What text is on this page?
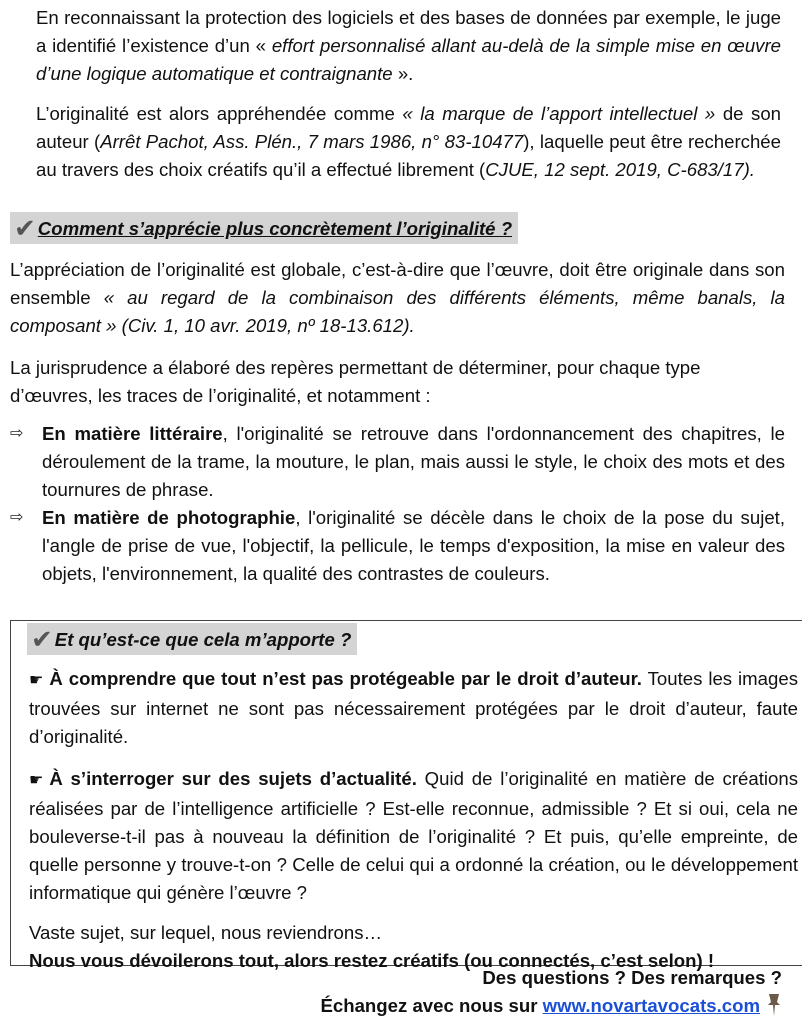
En reconnaissant la protection des logiciels et des bases de données par exemple, le juge a identifié l’existence d’un « effort personnalisé allant au-delà de la simple mise en œuvre d’une logique automatique et contraignante ».

L’originalité est alors appréhendée comme « la marque de l’apport intellectuel » de son auteur (Arrêt Pachot, Ass. Plén., 7 mars 1986, n° 83-10477), laquelle peut être recherchée au travers des choix créatifs qu’il a effectué librement (CJUE, 12 sept. 2019, C-683/17).

✔ Comment s’apprécie plus concrètement l’originalité ?

L’appréciation de l’originalité est globale, c’est-à-dire que l’œuvre, doit être originale dans son ensemble « au regard de la combinaison des différents éléments, même banals, la composant » (Civ. 1, 10 avr. 2019, nº 18-13.612).

La jurisprudence a élaboré des repères permettant de déterminer, pour chaque type d’œuvres, les traces de l’originalité, et notamment :

⇨ En matière littéraire, l'originalité se retrouve dans l'ordonnancement des chapitres, le déroulement de la trame, la mouture, le plan, mais aussi le style, le choix des mots et des tournures de phrase.

⇨ En matière de photographie, l'originalité se décèle dans le choix de la pose du sujet, l'angle de prise de vue, l'objectif, la pellicule, le temps d'exposition, la mise en valeur des objets, l'environnement, la qualité des contrastes de couleurs.

✔ Et qu’est-ce que cela m’apporte ?

☛ À comprendre que tout n’est pas protégeable par le droit d’auteur. Toutes les images trouvées sur internet ne sont pas nécessairement protégées par le droit d’auteur, faute d’originalité.

☛ À s’interroger sur des sujets d’actualité. Quid de l’originalité en matière de créations réalisées par de l’intelligence artificielle ? Est-elle reconnue, admissible ? Et si oui, cela ne bouleverse-t-il pas à nouveau la définition de l’originalité ? Et puis, qu’elle empreinte, de quelle personne y trouve-t-on ? Celle de celui qui a ordonné la création, ou le développement informatique qui génère l’œuvre ?

Vaste sujet, sur lequel, nous reviendrons…

Nous vous dévoilerons tout, alors restez créatifs (ou connectés, c’est selon) !

Des questions ? Des remarques ?

Échangez avec nous sur www.novartavocats.com
